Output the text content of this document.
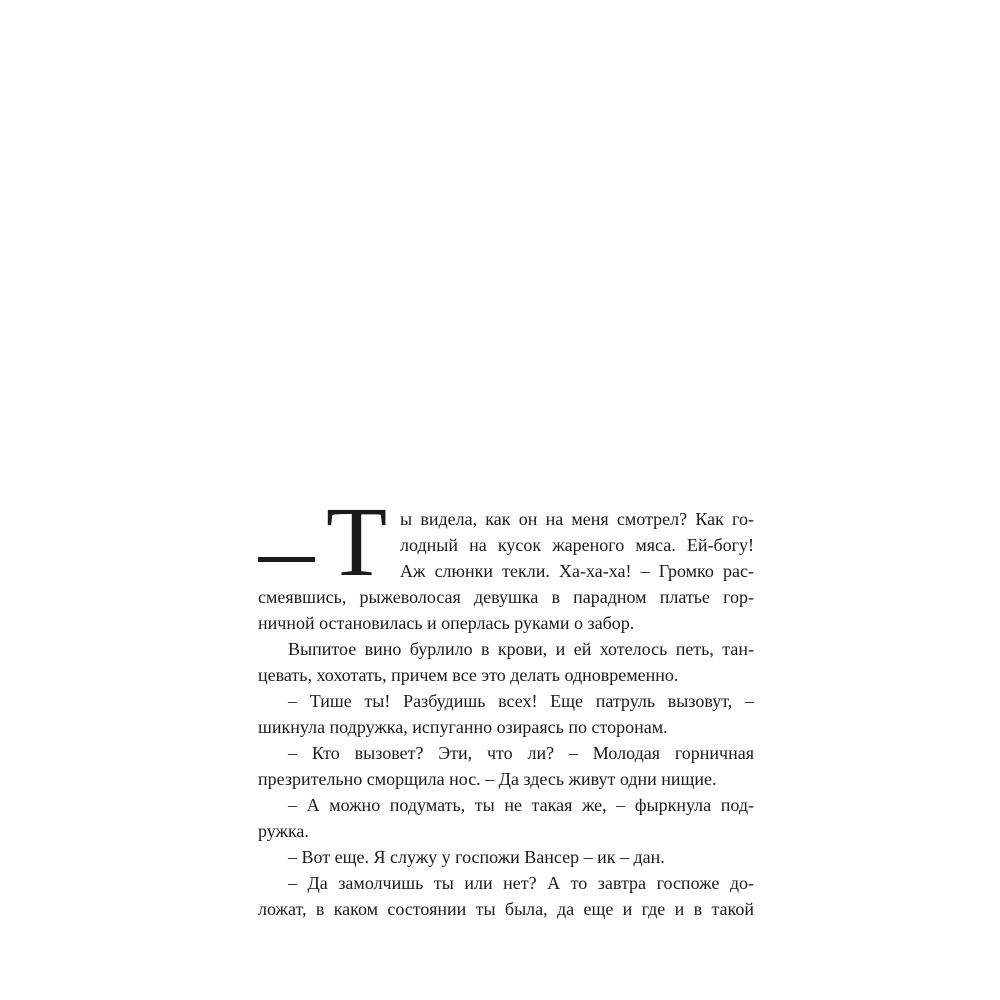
Т ы видела, как он на меня смотрел? Как го-
лодный на кусок жареного мяса. Ей-богу!
Аж слюнки текли. Ха-ха-ха! – Громко рас-
смеявшись, рыжеволосая девушка в парадном платье гор-
ничной остановилась и оперлась руками о забор.
Выпитое вино бурлило в крови, и ей хотелось петь, тан-
цевать, хохотать, причем все это делать одновременно.
– Тише ты! Разбудишь всех! Еще патруль вызовут, –
шикнула подружка, испуганно озираясь по сторонам.
– Кто вызовет? Эти, что ли? – Молодая горничная
презрительно сморщила нос. – Да здесь живут одни нищие.
– А можно подумать, ты не такая же, – фыркнула под-
ружка.
– Вот еще. Я служу у госпожи Вансер – ик – дан.
– Да замолчишь ты или нет? А то завтра госпоже до-
ложат, в каком состоянии ты была, да еще и где и в такой
